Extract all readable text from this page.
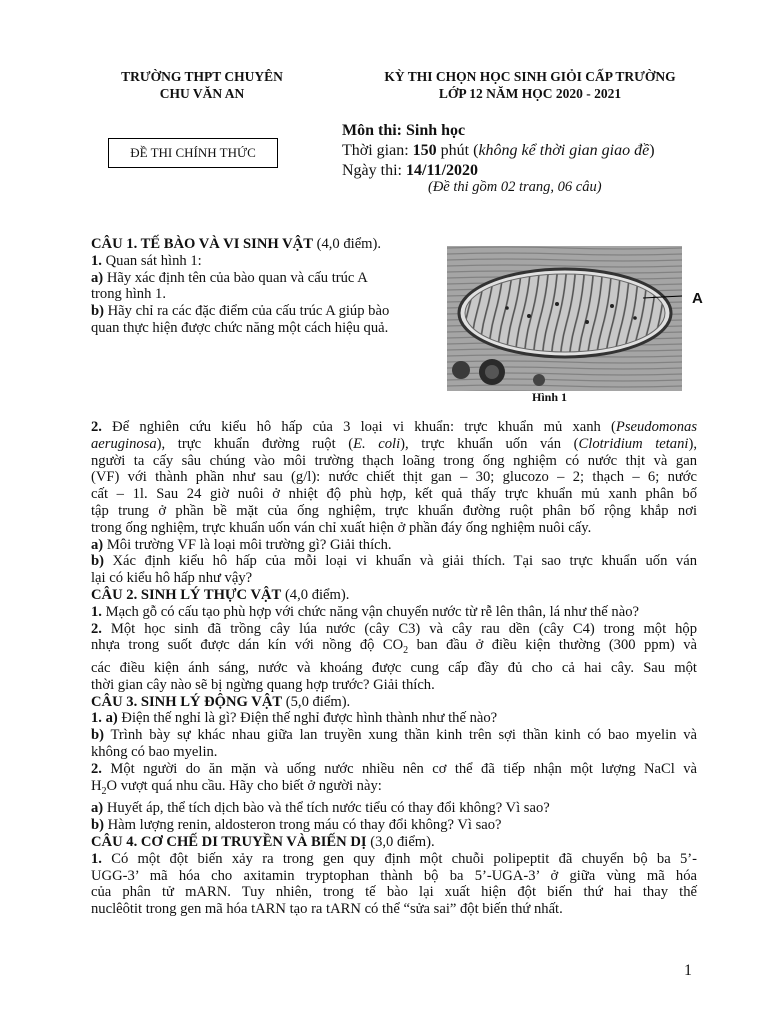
TRƯỜNG THPT CHUYÊN
CHU VĂN AN
KỲ THI CHỌN HỌC SINH GIỎI CẤP TRƯỜNG
LỚP 12 NĂM HỌC 2020 - 2021
ĐỀ THI CHÍNH THỨC
Môn thi: Sinh học
Thời gian: 150 phút (không kể thời gian giao đề)
Ngày thi: 14/11/2020
(Đề thi gồm 02 trang, 06 câu)
CÂU 1. TẾ BÀO VÀ VI SINH VẬT (4,0 điểm).
1. Quan sát hình 1:
a) Hãy xác định tên của bào quan và cấu trúc A
trong hình 1.
b) Hãy chỉ ra các đặc điểm của cấu trúc A giúp bào
quan thực hiện được chức năng một cách hiệu quả.
A
Hình 1
2. Để nghiên cứu kiểu hô hấp của 3 loại vi khuẩn: trực khuẩn mủ xanh (Pseudomonas
aeruginosa), trực khuẩn đường ruột (E. coli), trực khuẩn uốn ván (Clotridium tetani),
người ta cấy sâu chúng vào môi trường thạch loãng trong ống nghiệm có nước thịt và gan
(VF) với thành phần như sau (g/l): nước chiết thịt gan – 30; glucozo – 2; thạch – 6; nước
cất – 1l. Sau 24 giờ nuôi ở nhiệt độ phù hợp, kết quả thấy trực khuẩn mủ xanh phân bố
tập trung ở phần bề mặt của ống nghiệm, trực khuẩn đường ruột phân bố rộng khắp nơi
trong ống nghiệm, trực khuẩn uốn ván chỉ xuất hiện ở phần đáy ống nghiệm nuôi cấy.
a) Môi trường VF là loại môi trường gì? Giải thích.
b) Xác định kiểu hô hấp của mỗi loại vi khuẩn và giải thích. Tại sao trực khuẩn uốn ván
lại có kiểu hô hấp như vậy?
CÂU 2. SINH LÝ THỰC VẬT (4,0 điểm).
1. Mạch gỗ có cấu tạo phù hợp với chức năng vận chuyển nước từ rễ lên thân, lá như thế nào?
2. Một học sinh đã trồng cây lúa nước (cây C3) và cây rau dền (cây C4) trong một hộp
nhựa trong suốt được dán kín với nồng độ $CO_2$ ban đầu ở điều kiện thường (300 ppm) và
các điều kiện ánh sáng, nước và khoáng được cung cấp đầy đủ cho cả hai cây. Sau một
thời gian cây nào sẽ bị ngừng quang hợp trước? Giải thích.
CÂU 3. SINH LÝ ĐỘNG VẬT (5,0 điểm).
1. a) Điện thế nghỉ là gì? Điện thế nghỉ được hình thành như thế nào?
b) Trình bày sự khác nhau giữa lan truyền xung thần kinh trên sợi thần kinh có bao myelin và
không có bao myelin.
2. Một người do ăn mặn và uống nước nhiều nên cơ thể đã tiếp nhận một lượng NaCl và
$H_2O$ vượt quá nhu cầu. Hãy cho biết ở người này:
a) Huyết áp, thể tích dịch bào và thể tích nước tiểu có thay đổi không? Vì sao?
b) Hàm lượng renin, aldosteron trong máu có thay đổi không? Vì sao?
CÂU 4. CƠ CHẾ DI TRUYỀN VÀ BIẾN DỊ (3,0 điểm).
1. Có một đột biến xảy ra trong gen quy định một chuỗi polipeptit đã chuyển bộ ba 5’-
UGG-3’ mã hóa cho axitamin tryptophan thành bộ ba 5’-UGA-3’ ở giữa vùng mã hóa
của phân tử mARN. Tuy nhiên, trong tế bào lại xuất hiện đột biến thứ hai thay thế
nuclêôtit trong gen mã hóa tARN tạo ra tARN có thể “sửa sai” đột biến thứ nhất.
1
